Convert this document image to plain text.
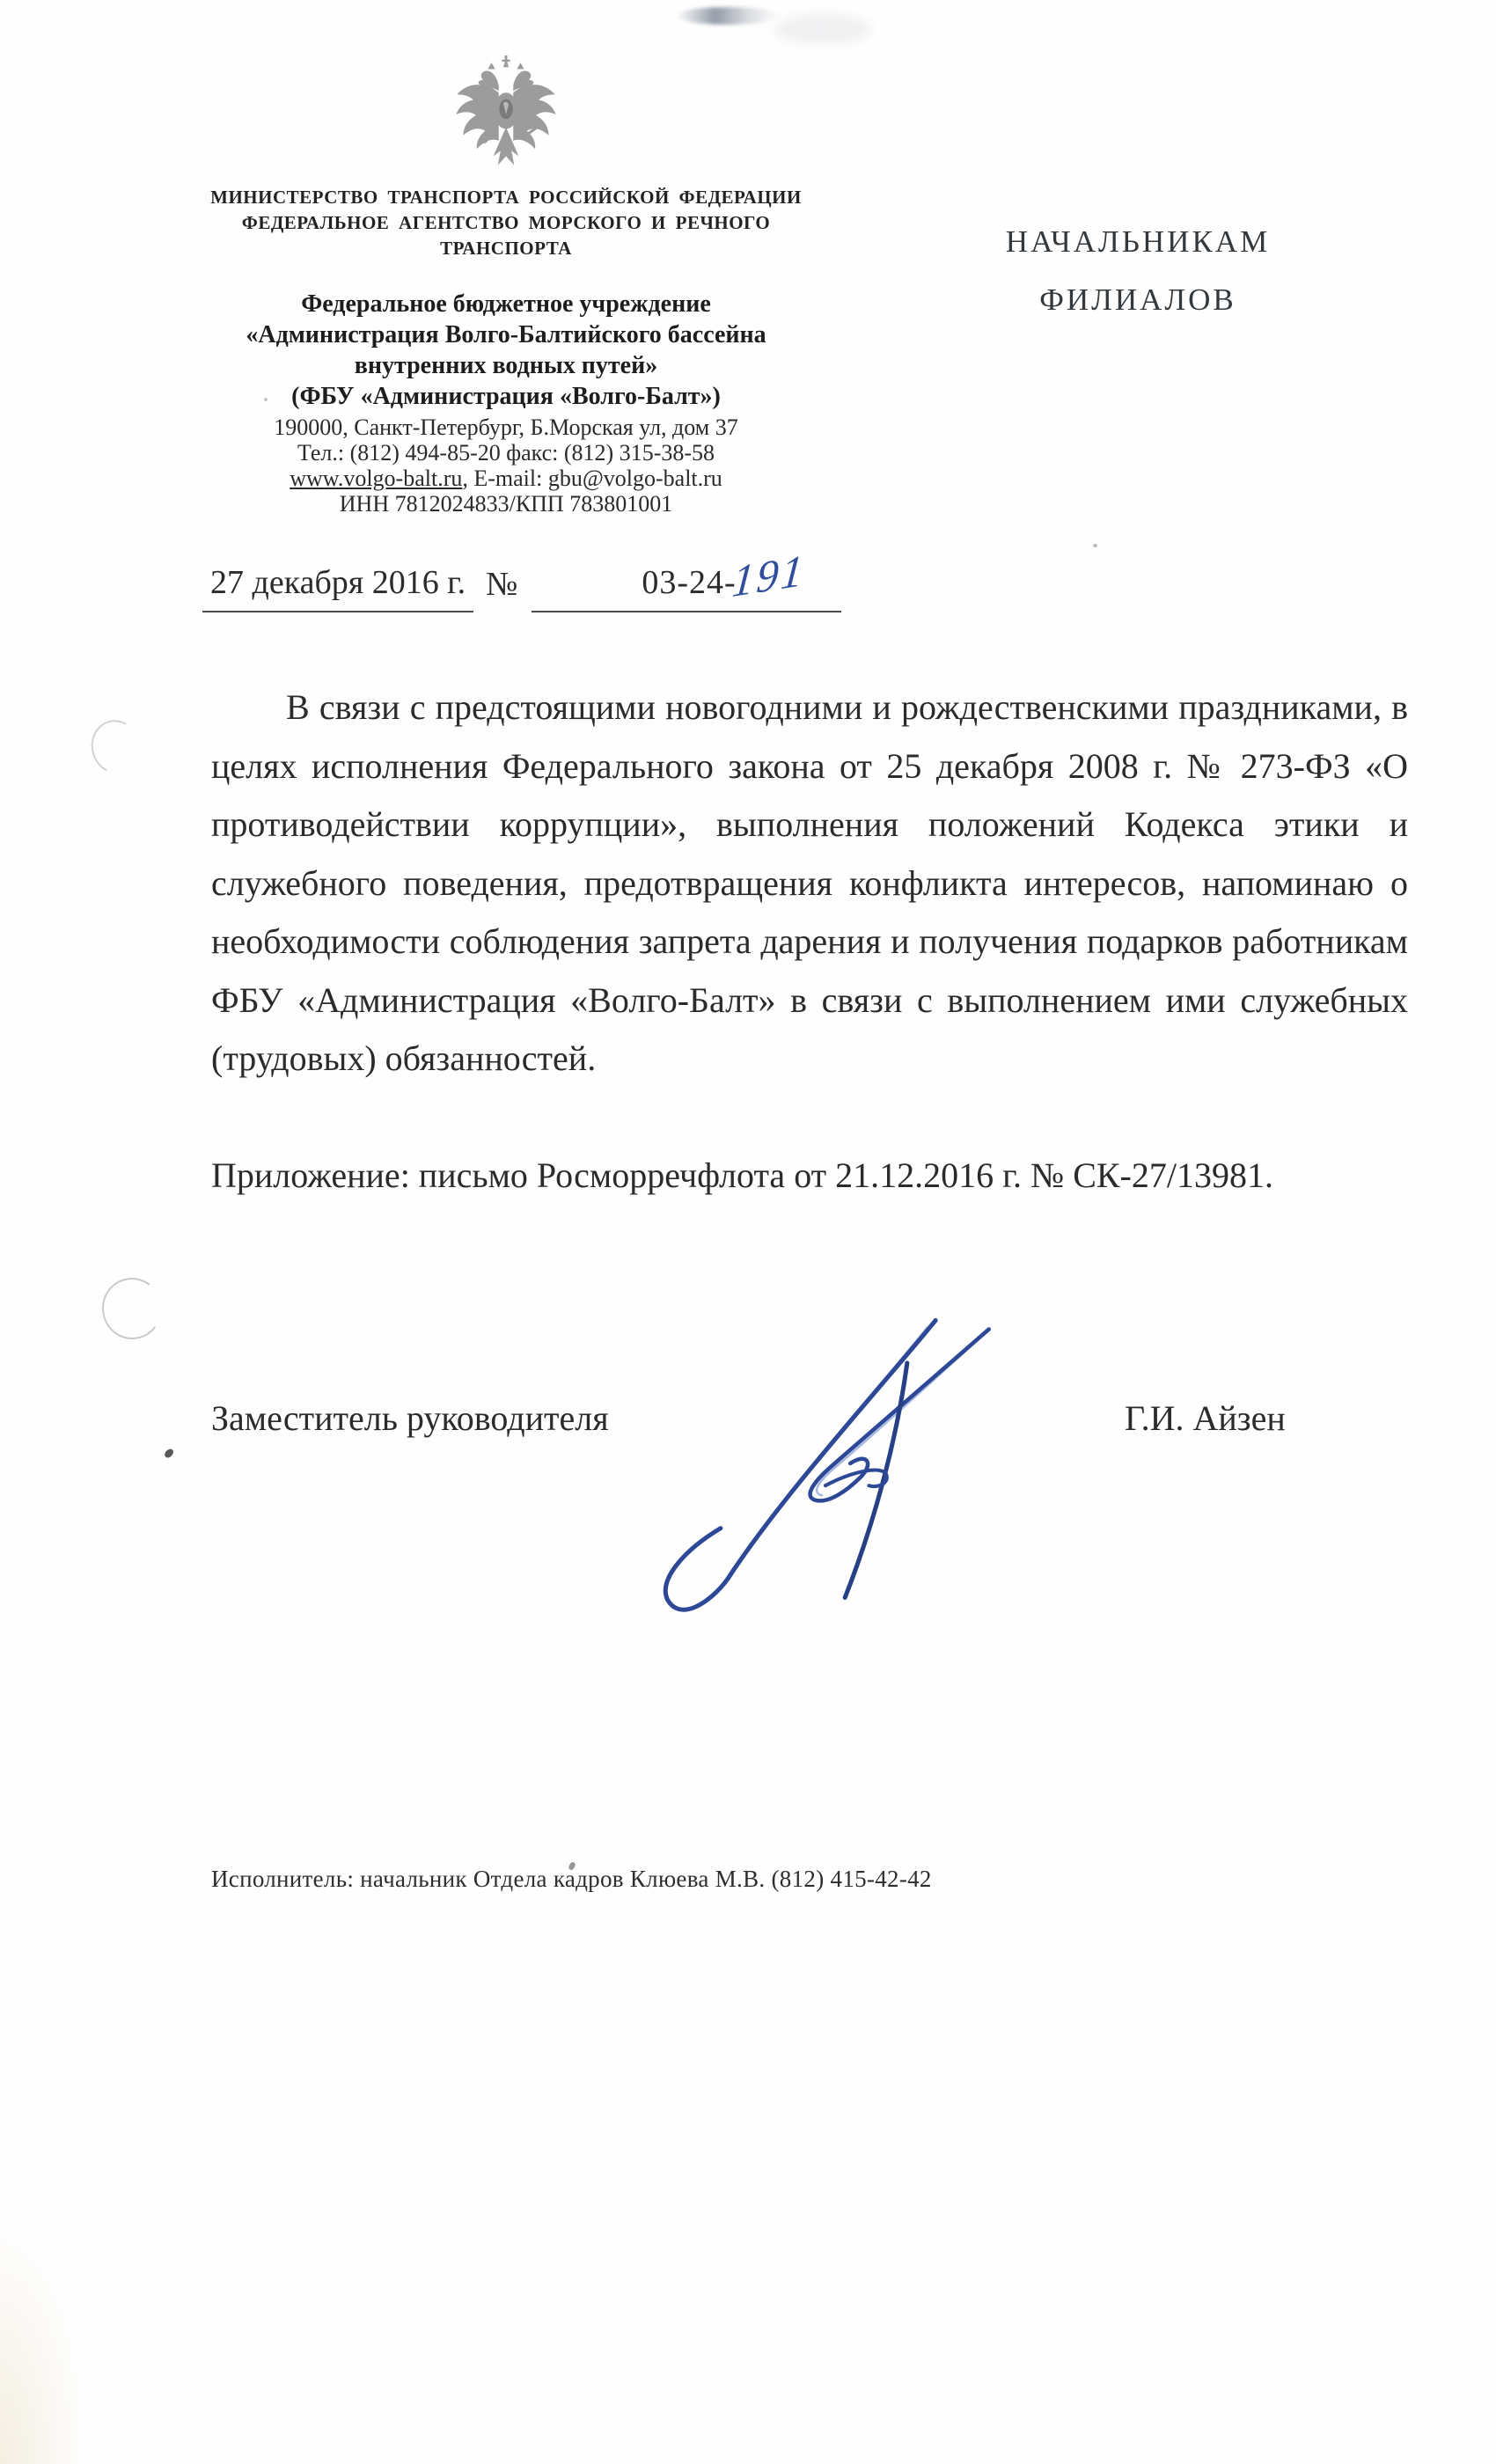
МИНИСТЕРСТВО ТРАНСПОРТА РОССИЙСКОЙ ФЕДЕРАЦИИ
ФЕДЕРАЛЬНОЕ АГЕНТСТВО МОРСКОГО И РЕЧНОГО ТРАНСПОРТА
Федеральное бюджетное учреждение
«Администрация Волго-Балтийского бассейна
внутренних водных путей»
(ФБУ «Администрация «Волго-Балт»)
190000, Санкт-Петербург, Б.Морская ул, дом 37
Тел.: (812) 494-85-20 факс: (812) 315-38-58
www.volgo-balt.ru, E-mail: gbu@volgo-balt.ru
ИНН 7812024833/КПП 783801001
НАЧАЛЬНИКАМ
ФИЛИАЛОВ
27 декабря 2016 г. №	03-24-191
В связи с предстоящими новогодними и рождественскими праздниками, в
целях исполнения Федерального закона от 25 декабря 2008 г. № 273-ФЗ «О
противодействии коррупции», выполнения положений Кодекса этики и
служебного поведения, предотвращения конфликта интересов, напоминаю о
необходимости соблюдения запрета дарения и получения подарков работникам
ФБУ «Администрация «Волго-Балт» в связи с выполнением ими служебных
(трудовых) обязанностей.
Приложение: письмо Росморречфлота от 21.12.2016 г. № СК-27/13981.
Заместитель руководителя	Г.И. Айзен
Исполнитель: начальник Отдела кадров Клюева М.В. (812) 415-42-42
